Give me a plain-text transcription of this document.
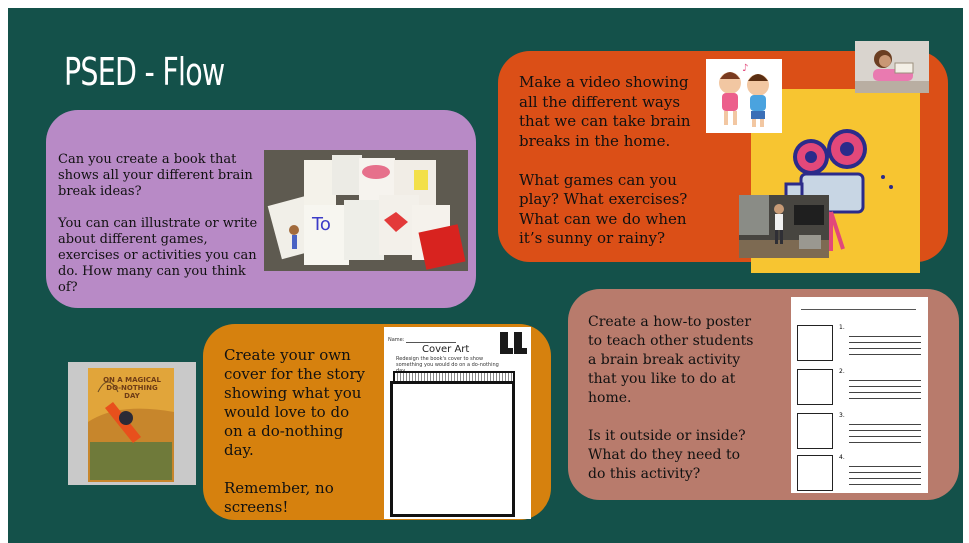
PSED - Flow
Can you create a book that
shows all your different brain
break ideas?

You can can illustrate or write
about different games,
exercises or activities you can
do. How many can you think
of?
To
Make a video showing
all the different ways
that we can take brain
breaks in the home.

What games can you
play? What exercises?
What can we do when
it’s sunny or rainy?
♪
ON A MAGICAL DO-NOTHING DAY
Create your own
cover for the story
showing what you
would love to do
on a do-nothing
day.

Remember, no
screens!
Name:
Cover Art
Redesign the book's cover to show something you would do on a do-nothing
Create a how-to poster
to teach other students
a brain break activity
that you like to do at
home.

Is it outside or inside?
What do they need to
do this activity?
1.
2.
3.
4.
